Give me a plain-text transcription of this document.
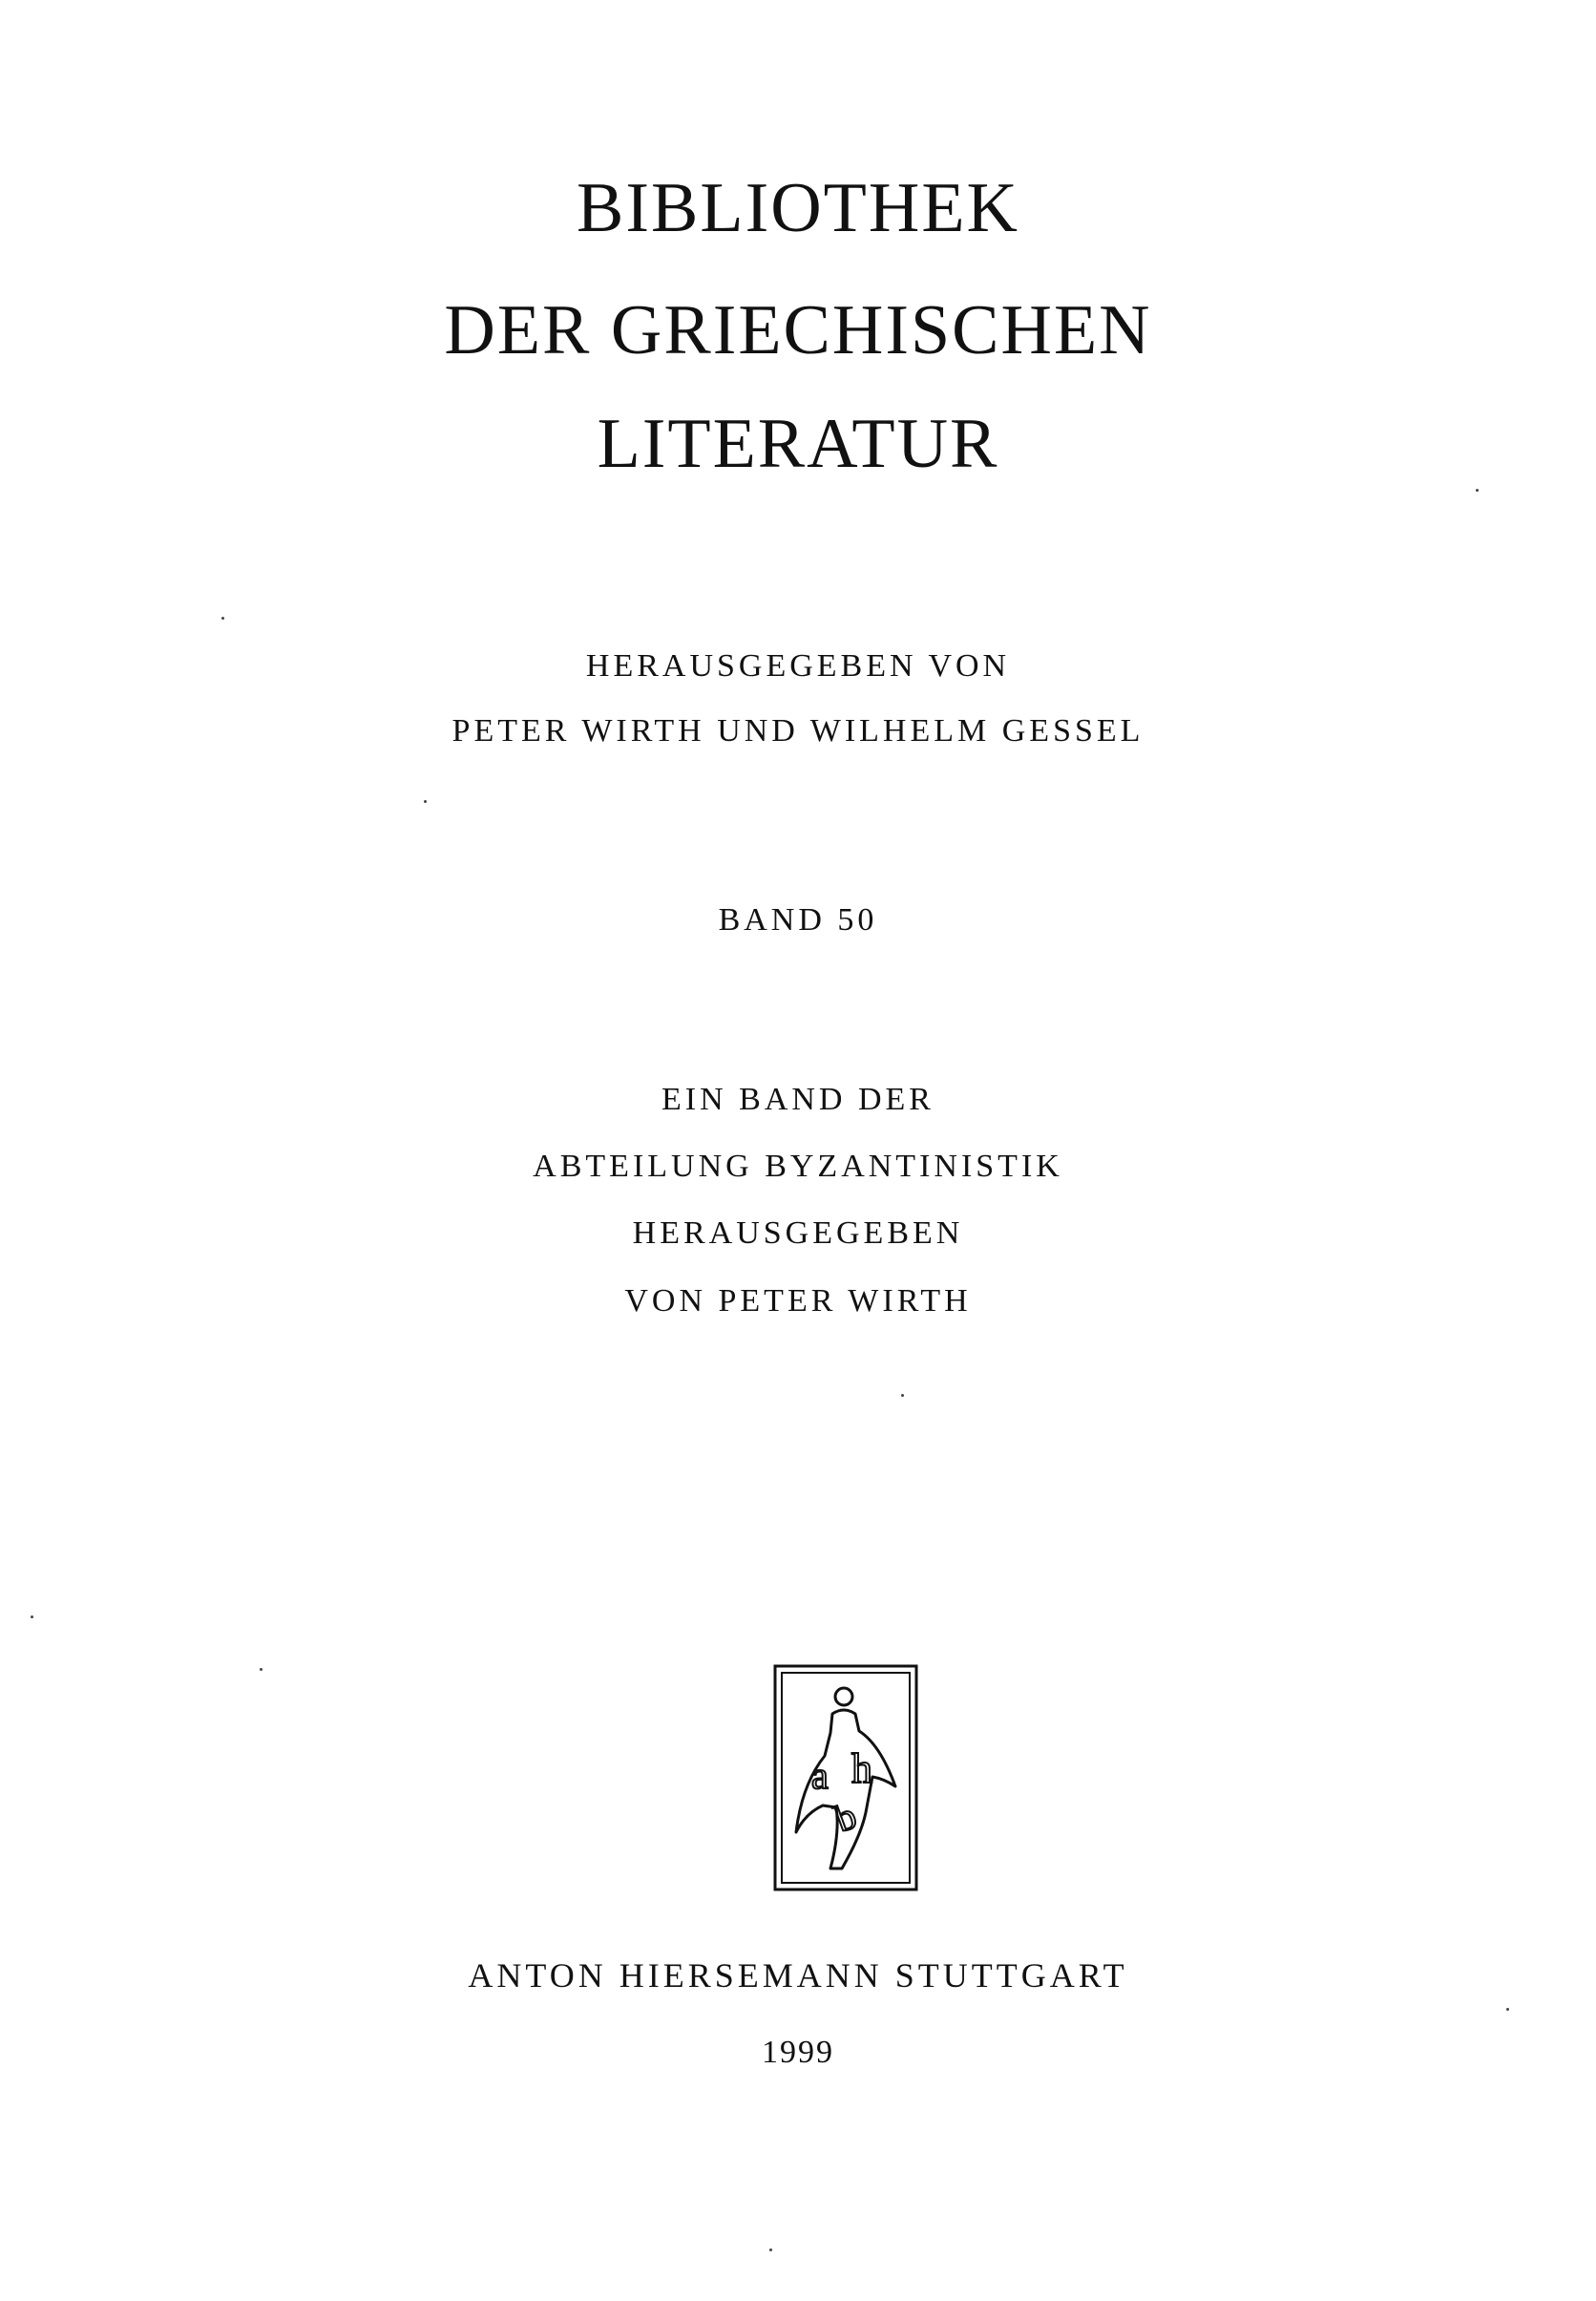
BIBLIOTHEK
DER GRIECHISCHEN
LITERATUR
HERAUSGEGEBEN VON
PETER WIRTH UND WILHELM GESSEL
BAND 50
EIN BAND DER
ABTEILUNG BYZANTINISTIK
HERAUSGEGEBEN
VON PETER WIRTH
a h
b
ANTON HIERSEMANN STUTTGART
1999
